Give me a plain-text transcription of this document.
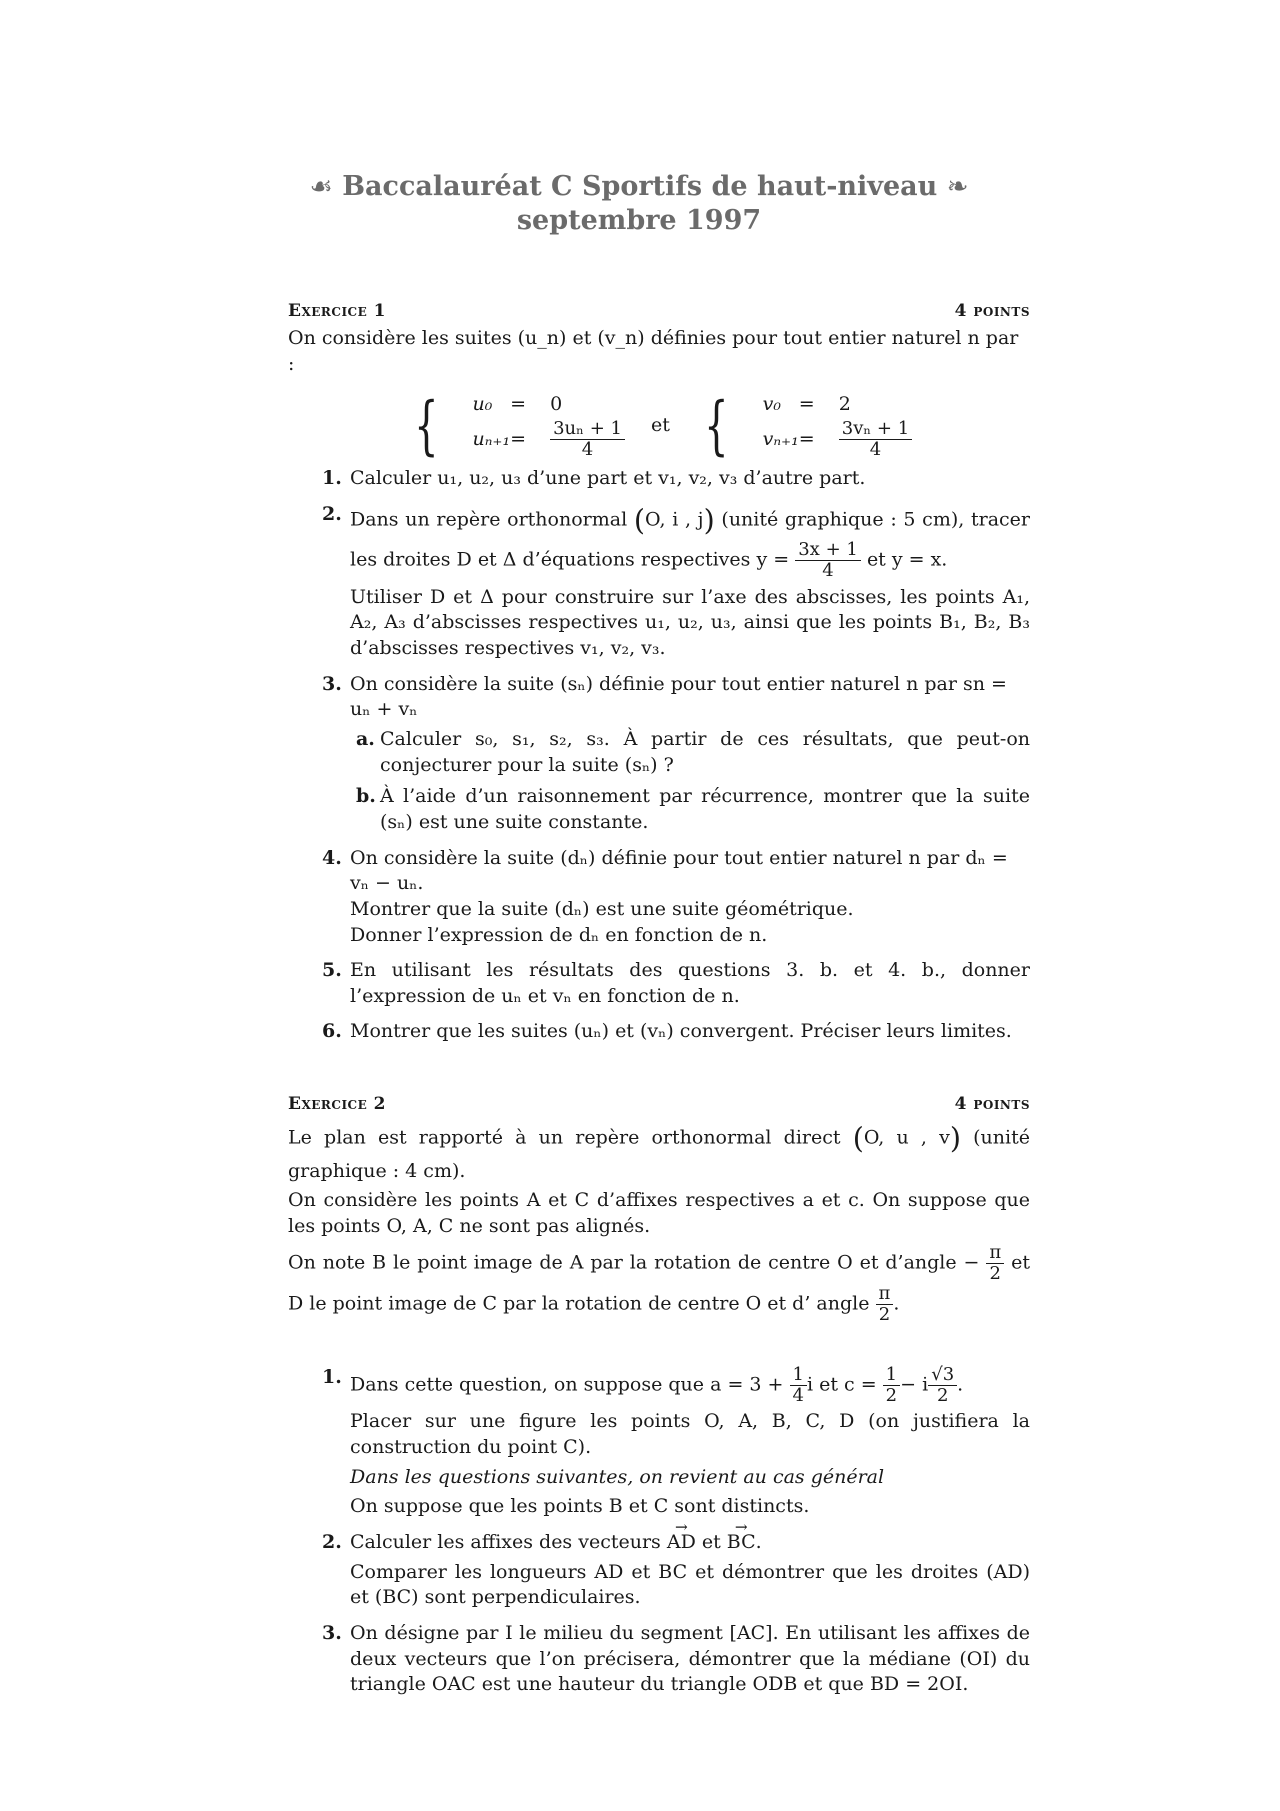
☙ Baccalauréat C Sportifs de haut-niveau ❧
septembre 1997
Exercice 1	4 points
On considère les suites (u_n) et (v_n) définies pour tout entier naturel n par :
{ u₀ =	0
uₙ₊₁ =	$\frac{\text{3uₙ + 1}}{4}$ et { v₀ =	2
vₙ₊₁ =	$\frac{\text{3vₙ + 1}}{4}$
1. Calculer u₁, u₂, u₃ d’une part et v₁, v₂, v₃ d’autre part.
2. Dans un repère orthonormal (O, i , j) (unité graphique : 5 cm), tracer les droites D et Δ d’équations respectives $y = \frac{3x + 1}{4}$ et y = x.
Utiliser D et Δ pour construire sur l’axe des abscisses, les points A₁, A₂, A₃ d’abscisses respectives u₁, u₂, u₃, ainsi que les points B₁, B₂, B₃ d’abscisses respectives v₁, v₂, v₃.
3. On considère la suite (sₙ) définie pour tout entier naturel n par sn = uₙ + vₙ
a. Calculer s₀, s₁, s₂, s₃. À partir de ces résultats, que peut-on conjecturer pour la suite (sₙ) ?
b. À l’aide d’un raisonnement par récurrence, montrer que la suite (sₙ) est une suite constante.
4. On considère la suite (dₙ) définie pour tout entier naturel n par dₙ = vₙ − uₙ.
Montrer que la suite (dₙ) est une suite géométrique.
Donner l’expression de dₙ en fonction de n.
5. En utilisant les résultats des questions 3. b. et 4. b., donner l’expression de uₙ et vₙ en fonction de n.
6. Montrer que les suites (uₙ) et (vₙ) convergent. Préciser leurs limites.
Exercice 2	4 points
Le plan est rapporté à un repère orthonormal direct (O, u , v) (unité graphique : 4 cm).
On considère les points A et C d’affixes respectives a et c. On suppose que les points O, A, C ne sont pas alignés.
On note B le point image de A par la rotation de centre O et d’angle − $\frac{\pi}{2}$ et D le point image de C par la rotation de centre O et d’ angle $\frac{\pi}{2}$ .
1. Dans cette question, on suppose que $a = 3 + \frac{1}{4}$ i et $c = \frac{1}{2} - i \frac{√3}{2}$ .
Placer sur une figure les points O, A, B, C, D (on justifiera la construction du point C).
Dans les questions suivantes, on revient au cas général
On suppose que les points B et C sont distincts.
2. Calculer les affixes des vecteurs → AD et → BC.
Comparer les longueurs AD et BC et démontrer que les droites (AD) et (BC) sont perpendiculaires.
3. On désigne par I le milieu du segment [AC]. En utilisant les affixes de deux vecteurs que l’on précisera, démontrer que la médiane (OI) du triangle OAC est une hauteur du triangle ODB et que BD = 2OI.
